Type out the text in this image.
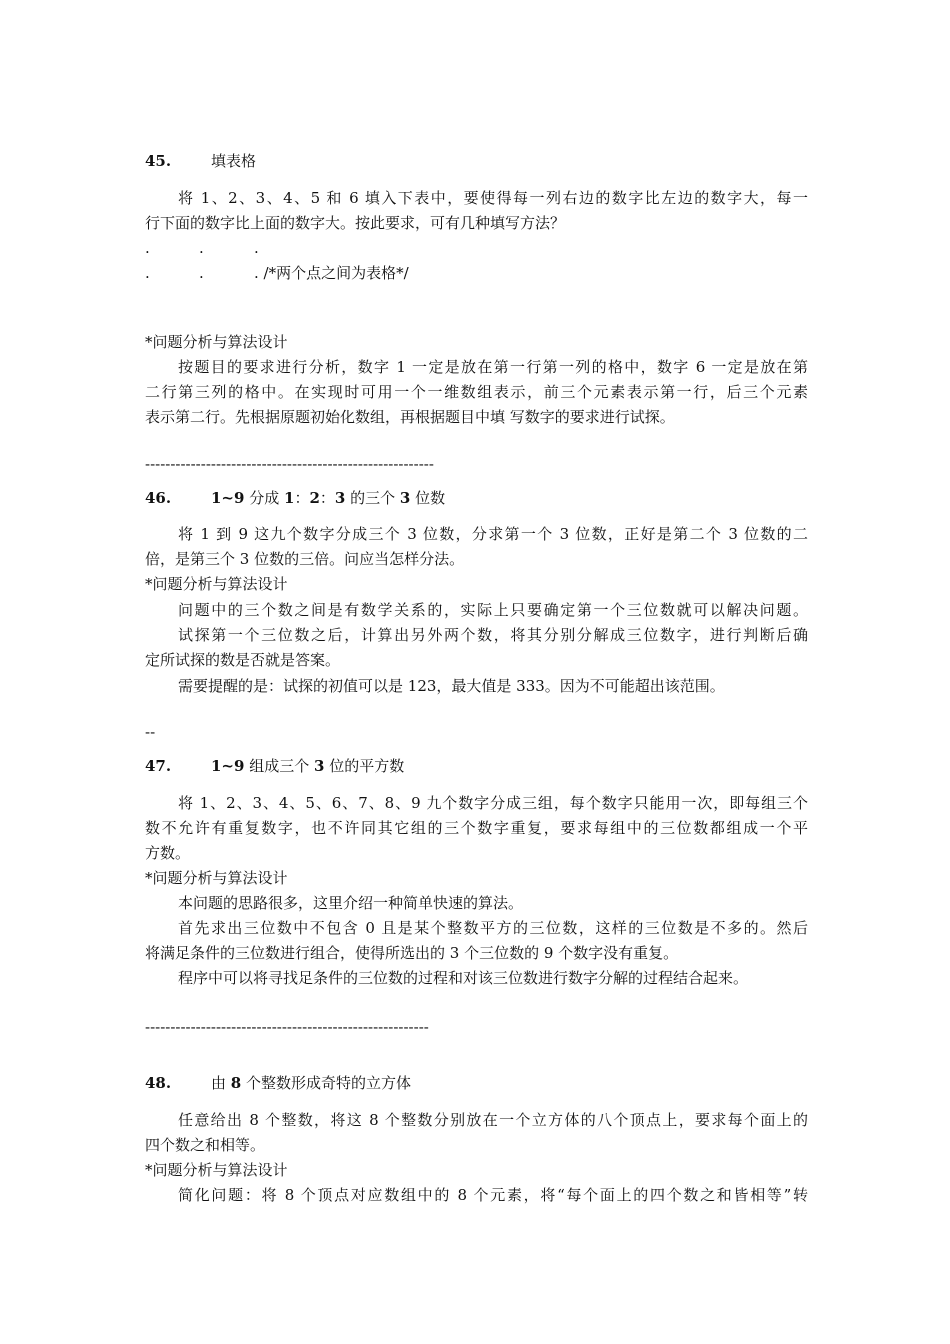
45.	填表格
将 1、2、3、4、5 和 6 填入下表中，要使得每一列右边的数字比左边的数字大，每一
行下面的数字比上面的数字大。按此要求，可有几种填写方法？
.	.	.
.	.	. /*两个点之间为表格*/
*问题分析与算法设计
按题目的要求进行分析，数字 1 一定是放在第一行第一列的格中，数字 6 一定是放在第
二行第三列的格中。在实现时可用一个一维数组表示，前三个元素表示第一行，后三个元素
表示第二行。先根据原题初始化数组，再根据题目中填 写数字的要求进行试探。
---------------------------------------------------------
46.	1~9 分成 1：2：3 的三个 3 位数
将 1 到 9 这九个数字分成三个 3 位数，分求第一个 3 位数，正好是第二个 3 位数的二
倍，是第三个 3 位数的三倍。问应当怎样分法。
*问题分析与算法设计
问题中的三个数之间是有数学关系的，实际上只要确定第一个三位数就可以解决问题。
试探第一个三位数之后，计算出另外两个数，将其分别分解成三位数字，进行判断后确
定所试探的数是否就是答案。
需要提醒的是：试探的初值可以是 123，最大值是 333。因为不可能超出该范围。
--
47.	1~9 组成三个 3 位的平方数
将 1、2、3、4、5、6、7、8、9 九个数字分成三组，每个数字只能用一次，即每组三个
数不允许有重复数字，也不许同其它组的三个数字重复，要求每组中的三位数都组成一个平
方数。
*问题分析与算法设计
本问题的思路很多，这里介绍一种简单快速的算法。
首先求出三位数中不包含 0 且是某个整数平方的三位数，这样的三位数是不多的。然后
将满足条件的三位数进行组合，使得所选出的 3 个三位数的 9 个数字没有重复。
程序中可以将寻找足条件的三位数的过程和对该三位数进行数字分解的过程结合起来。
--------------------------------------------------------
48.	由 8 个整数形成奇特的立方体
任意给出 8 个整数，将这 8 个整数分别放在一个立方体的八个顶点上，要求每个面上的
四个数之和相等。
*问题分析与算法设计
简化问题：将 8 个顶点对应数组中的 8 个元素，将“每个面上的四个数之和皆相等”转
